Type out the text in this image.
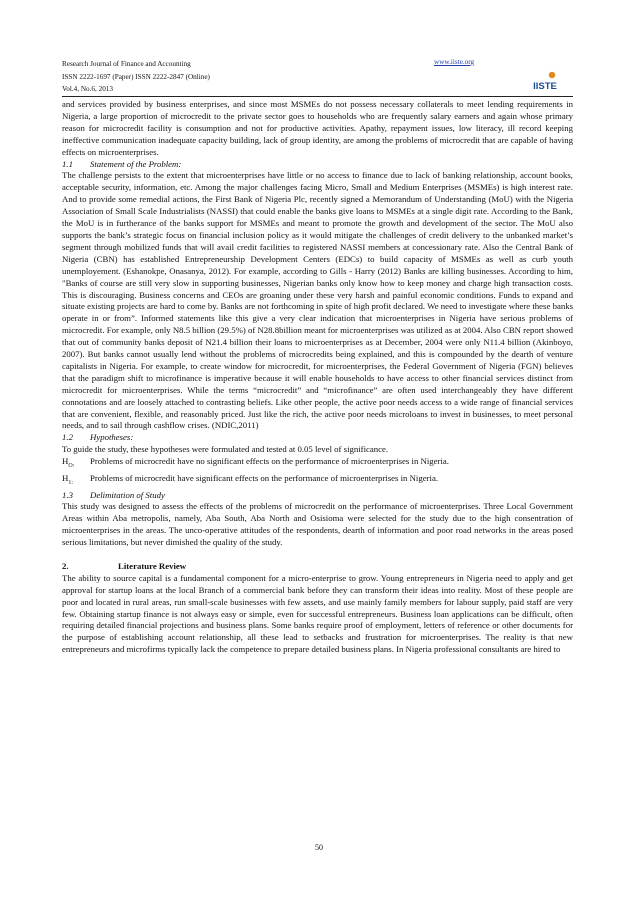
Research Journal of Finance and Accounting
ISSN 2222-1697 (Paper) ISSN 2222-2847 (Online)
Vol.4, No.6, 2013
www.iiste.org
IISTE

and services provided by business enterprises, and since most MSMEs do not possess necessary collaterals to meet lending requirements in Nigeria, a large proportion of microcredit to the private sector goes to households who are frequently salary earners and again whose primary reason for microcredit facility is consumption and not for productive activities. Apathy, repayment issues, low literacy, ill record keeping ineffective communication inadequate capacity building, lack of group identity, are among the problems of microcredit that are capable of having effects on microenterprises.

1.1 Statement of the Problem:

The challenge persists to the extent that microenterprises have little or no access to finance due to lack of banking relationship, account books, acceptable security, information, etc. Among the major challenges facing Micro, Small and Medium Enterprises (MSMEs) is high interest rate. And to provide some remedial actions, the First Bank of Nigeria Plc, recently signed a Memorandum of Understanding (MoU) with the Nigeria Association of Small Scale Industrialists (NASSI) that could enable the banks give loans to MSMEs at a single digit rate. According to the Bank, the MoU is in furtherance of the banks support for MSMEs and meant to promote the growth and development of the sector. The MoU also supports the bank’s strategic focus on financial inclusion policy as it would mitigate the challenges of credit delivery to the unbanked market’s segment through mobilized funds that will avail credit facilities to registered NASSI members at concessionary rate. Also the Central Bank of Nigeria (CBN) has established Entrepreneurship Development Centers (EDCs) to build capacity of MSMEs as well as curb youth unemployement. (Eshanokpe, Onasanya, 2012). For example, according to Gills - Harry (2012) Banks are killing businesses. According to him, "Banks of course are still very slow in supporting businesses, Nigerian banks only know how to keep money and charge high transaction costs. This is discouraging. Business concerns and CEOs are groaning under these very harsh and painful economic conditions. Funds to expand and situate existing projects are hard to come by. Banks are not forthcoming in spite of high profit declared. We need to investigate where these banks operate in or from”. Informed statements like this give a very clear indication that microenterprises in Nigeria have serious problems of microcredit. For example, only N8.5 billion (29.5%) of N28.8billion meant for microenterprises was utilized as at 2004. Also CBN report showed that out of community banks deposit of N21.4 billion their loans to microenterprises as at December, 2004 were only N11.4 billion (Akinboyo, 2007). But banks cannot usually lend without the problems of microcredits being explained, and this is compounded by the dearth of venture capitalists in Nigeria. For example, to create window for microcredit, for microenterprises, the Federal Government of Nigeria (FGN) believes that the paradigm shift to microfinance is imperative because it will enable households to have access to other financial services distinct from microcredit for microenterprises. While the terms “microcredit” and “microfinance” are often used interchangeably they have different connotations and are loosely attached to contrasting beliefs. Like other people, the active poor needs access to a wide range of financial services that are convenient, flexible, and reasonably priced. Just like the rich, the active poor needs microloans to invest in businesses, to meet personal needs, and to sail through cashflow crises. (NDIC,2011)

1.2 Hypotheses:

To guide the study, these hypotheses were formulated and tested at 0.05 level of significance.

$H_{O:}$ Problems of microcredit have no significant effects on the performance of microenterprises in Nigeria.

$H_{1:}$ Problems of microcredit have significant effects on the performance of microenterprises in Nigeria.

1.3 Delimitation of Study

This study was designed to assess the effects of the problems of microcredit on the performance of microenterprises. Three Local Government Areas within Aba metropolis, namely, Aba South, Aba North and Osisioma were selected for the study due to the high consentration of microenterprises in the areas. The unco-operative attitudes of the respondents, dearth of information and poor road networks in the areas posed serious limitations, but never dimished the quality of the study.

2.	Literature Review

The ability to source capital is a fundamental component for a micro-enterprise to grow. Young entrepreneurs in Nigeria need to apply and get approval for startup loans at the local Branch of a commercial bank before they can transform their ideas into reality. Most of these people are poor and located in rural areas, run small-scale businesses with few assets, and use mainly family members for labour supply, paid staff are very few. Obtaining startup finance is not always easy or simple, even for successful entrepreneurs. Business loan applications can be difficult, often requiring detailed financial projections and business plans. Some banks require proof of employment, letters of reference or other documents for the purpose of establishing account relationship, all these lead to setbacks and frustration for microenterprises. The reality is that new entrepreneurs and microfirms typically lack the competence to prepare detailed business plans. In Nigeria professional consultants are hired to

50
